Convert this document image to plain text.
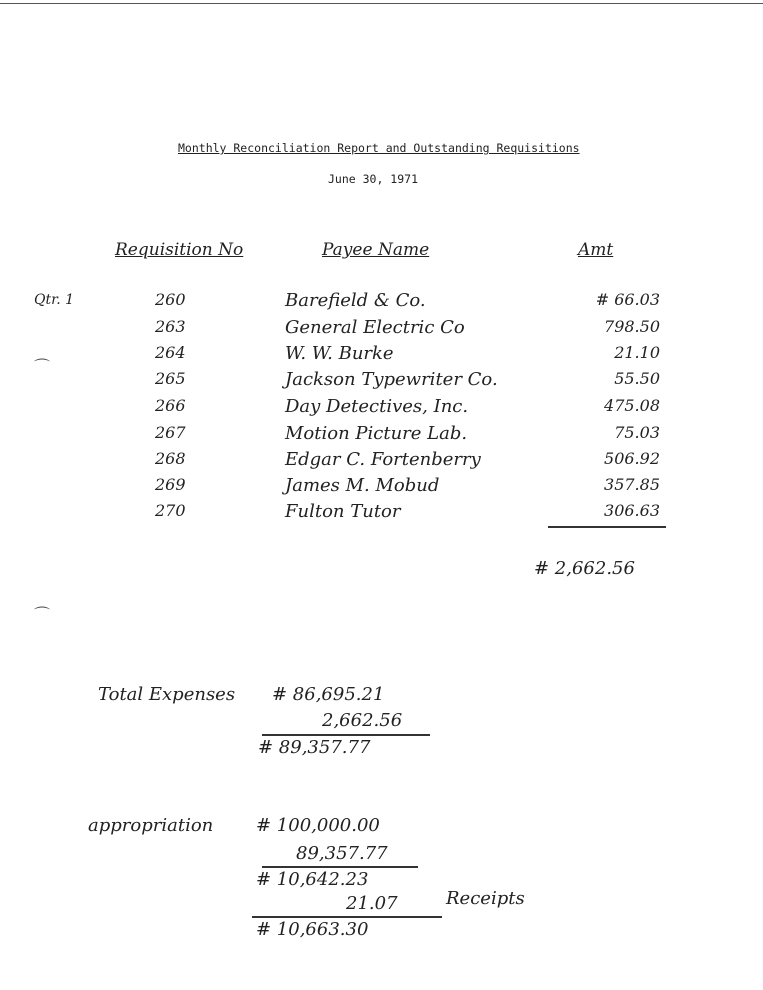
Monthly Reconciliation Report and Outstanding Requisitions
June 30, 1971
Requisition No	Payee Name	Amt
Qtr. 1	260	Barefield & Co.	# 66.03
263	General Electric Co	798.50
264	W. W. Burke	21.10
265	Jackson Typewriter Co.	55.50
266	Day Detectives, Inc.	475.08
267	Motion Picture Lab.	75.03
268	Edgar C. Fortenberry	506.92
269	James M. Mobud	357.85
270	Fulton Tutor	306.63
# 2,662.56
⌒
⌒
Total Expenses # 86,695.21
2,662.56
# 89,357.77
appropriation # 100,000.00
89,357.77
# 10,642.23
21.07	Receipts
# 10,663.30
